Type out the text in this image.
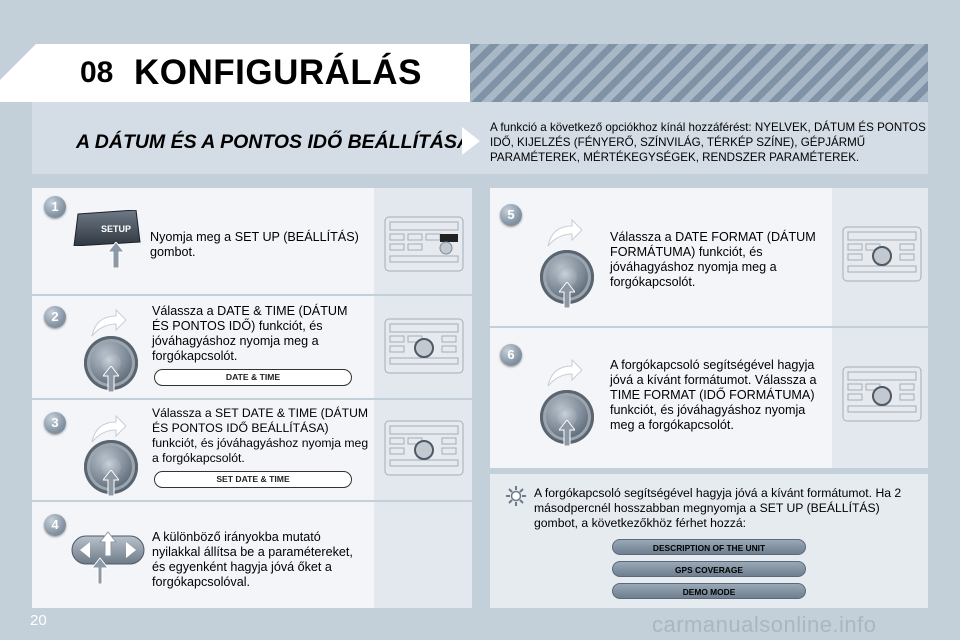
08 KONFIGURÁLÁS
A DÁTUM ÉS A PONTOS IDŐ BEÁLLÍTÁSA
A funkció a következő opciókhoz kínál hozzáférést: NYELVEK, DÁTUM ÉS PONTOS IDŐ, KIJELZÉS (FÉNYERŐ, SZÍNVILÁG, TÉRKÉP SZÍNE), GÉPJÁRMŰ PARAMÉTEREK, MÉRTÉKEGYSÉGEK, RENDSZER PARAMÉTEREK.
1
SETUP
Nyomja meg a SET UP (BEÁLLÍTÁS) gombot.
2	Válassza a DATE & TIME (DÁTUM ÉS PONTOS IDŐ) funkciót, és jóváhagyáshoz nyomja meg a forgókapcsolót.
DATE & TIME
3
Válassza a SET DATE & TIME (DÁTUM ÉS PONTOS IDŐ BEÁLLÍTÁSA) funkciót, és jóváhagyáshoz nyomja meg a forgókapcsolót.
SET DATE & TIME
4
A különböző irányokba mutató nyilakkal állítsa be a paramétereket, és egyenként hagyja jóvá őket a forgókapcsolóval.
5
Válassza a DATE FORMAT (DÁTUM FORMÁTUMA) funkciót, és jóváhagyáshoz nyomja meg a forgókapcsolót.
6
A forgókapcsoló segítségével hagyja jóvá a kívánt formátumot. Válassza a TIME FORMAT (IDŐ FORMÁTUMA) funkciót, és jóváhagyáshoz nyomja meg a forgókapcsolót.
A forgókapcsoló segítségével hagyja jóvá a kívánt formátumot. Ha 2 másodpercnél hosszabban megnyomja a SET UP (BEÁLLÍTÁS) gombot, a következőkhöz férhet hozzá:
DESCRIPTION OF THE UNIT
GPS COVERAGE
DEMO MODE
20	carmanualsonline.info
